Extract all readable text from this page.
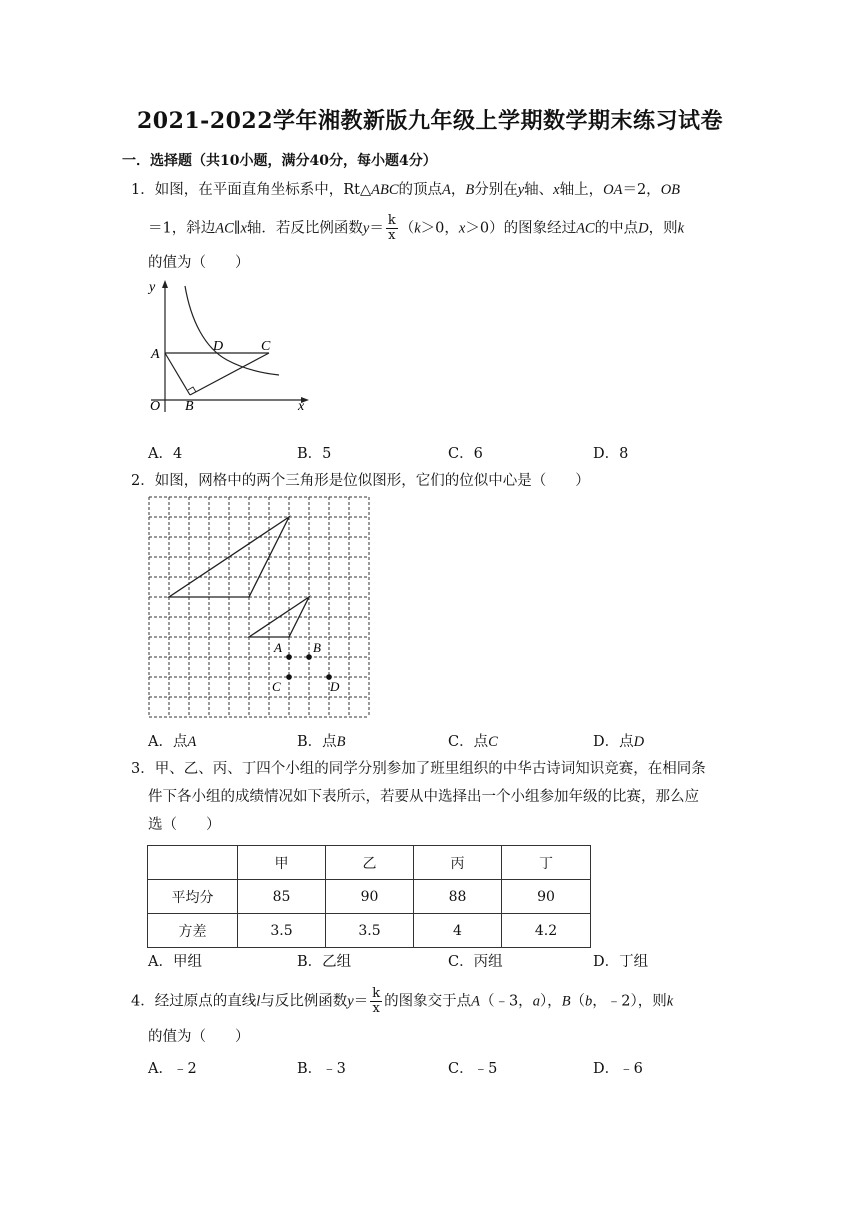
2021-2022学年湘教新版九年级上学期数学期末练习试卷
一．选择题（共10小题，满分40分，每小题4分）
1．如图，在平面直角坐标系中，Rt△ABC的顶点A，B分别在y轴、x轴上，OA＝2，OB
＝1，斜边AC∥x轴．若反比例函数$y= \frac{k}{x} (k>0$，x＞0）的图象经过AC的中点D，则k
的值为（　　）
y
x
O
A
B
C
D
A．4	B．5	C．6	D．8
2．如图，网格中的两个三角形是位似图形，它们的位似中心是（　　）
A B
C	D
A．点A	B．点B	C．点C	D．点D
3．甲、乙、丙、丁四个小组的同学分别参加了班里组织的中华古诗词知识竞赛，在相同条
件下各小组的成绩情况如下表所示，若要从中选择出一个小组参加年级的比赛，那么应
选（　　）
	甲	乙	丙	丁
平均分	85	90	88	90
方差	3.5	3.5	4	4.2
A．甲组	B．乙组	C．丙组	D．丁组
4．经过原点的直线l与反比例函数$y= \frac{k}{x}$ 的图象交于点A（﹣3，a），B（b，﹣2），则k
的值为（　　）
A．﹣2	B．﹣3	C．﹣5	D．﹣6
